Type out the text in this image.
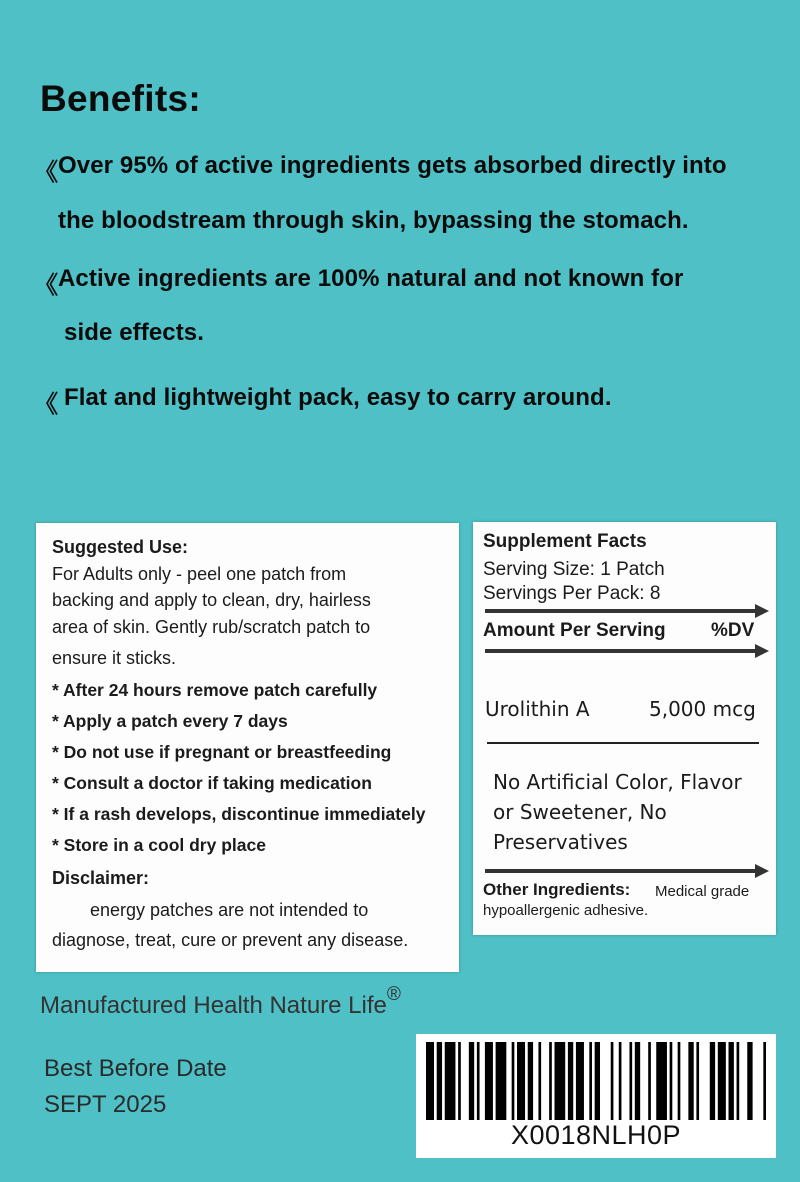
Benefits:
《 Over 95% of active ingredients gets absorbed directly into
the bloodstream through skin, bypassing the stomach.
《 Active ingredients are 100% natural and not known for
side effects.
《 Flat and lightweight pack, easy to carry around.
Suggested Use:
For Adults only - peel one patch from
backing and apply to clean, dry, hairless
area of skin. Gently rub/scratch patch to
ensure it sticks.
* After 24 hours remove patch carefully
* Apply a patch every 7 days
* Do not use if pregnant or breastfeeding
* Consult a doctor if taking medication
* If a rash develops, discontinue immediately
* Store in a cool dry place
Disclaimer:
energy patches are not intended to
diagnose, treat, cure or prevent any disease.
Supplement Facts
Serving Size: 1 Patch
Servings Per Pack: 8
Amount Per Serving %DV
Urolithin A	5,000 mcg
No Artificial Color, Flavor
or Sweetener, No
Preservatives
Other Ingredients: Medical grade
hypoallergenic adhesive.
Manufactured Health Nature Life®
Best Before Date
SEPT 2025
X0018NLH0P
